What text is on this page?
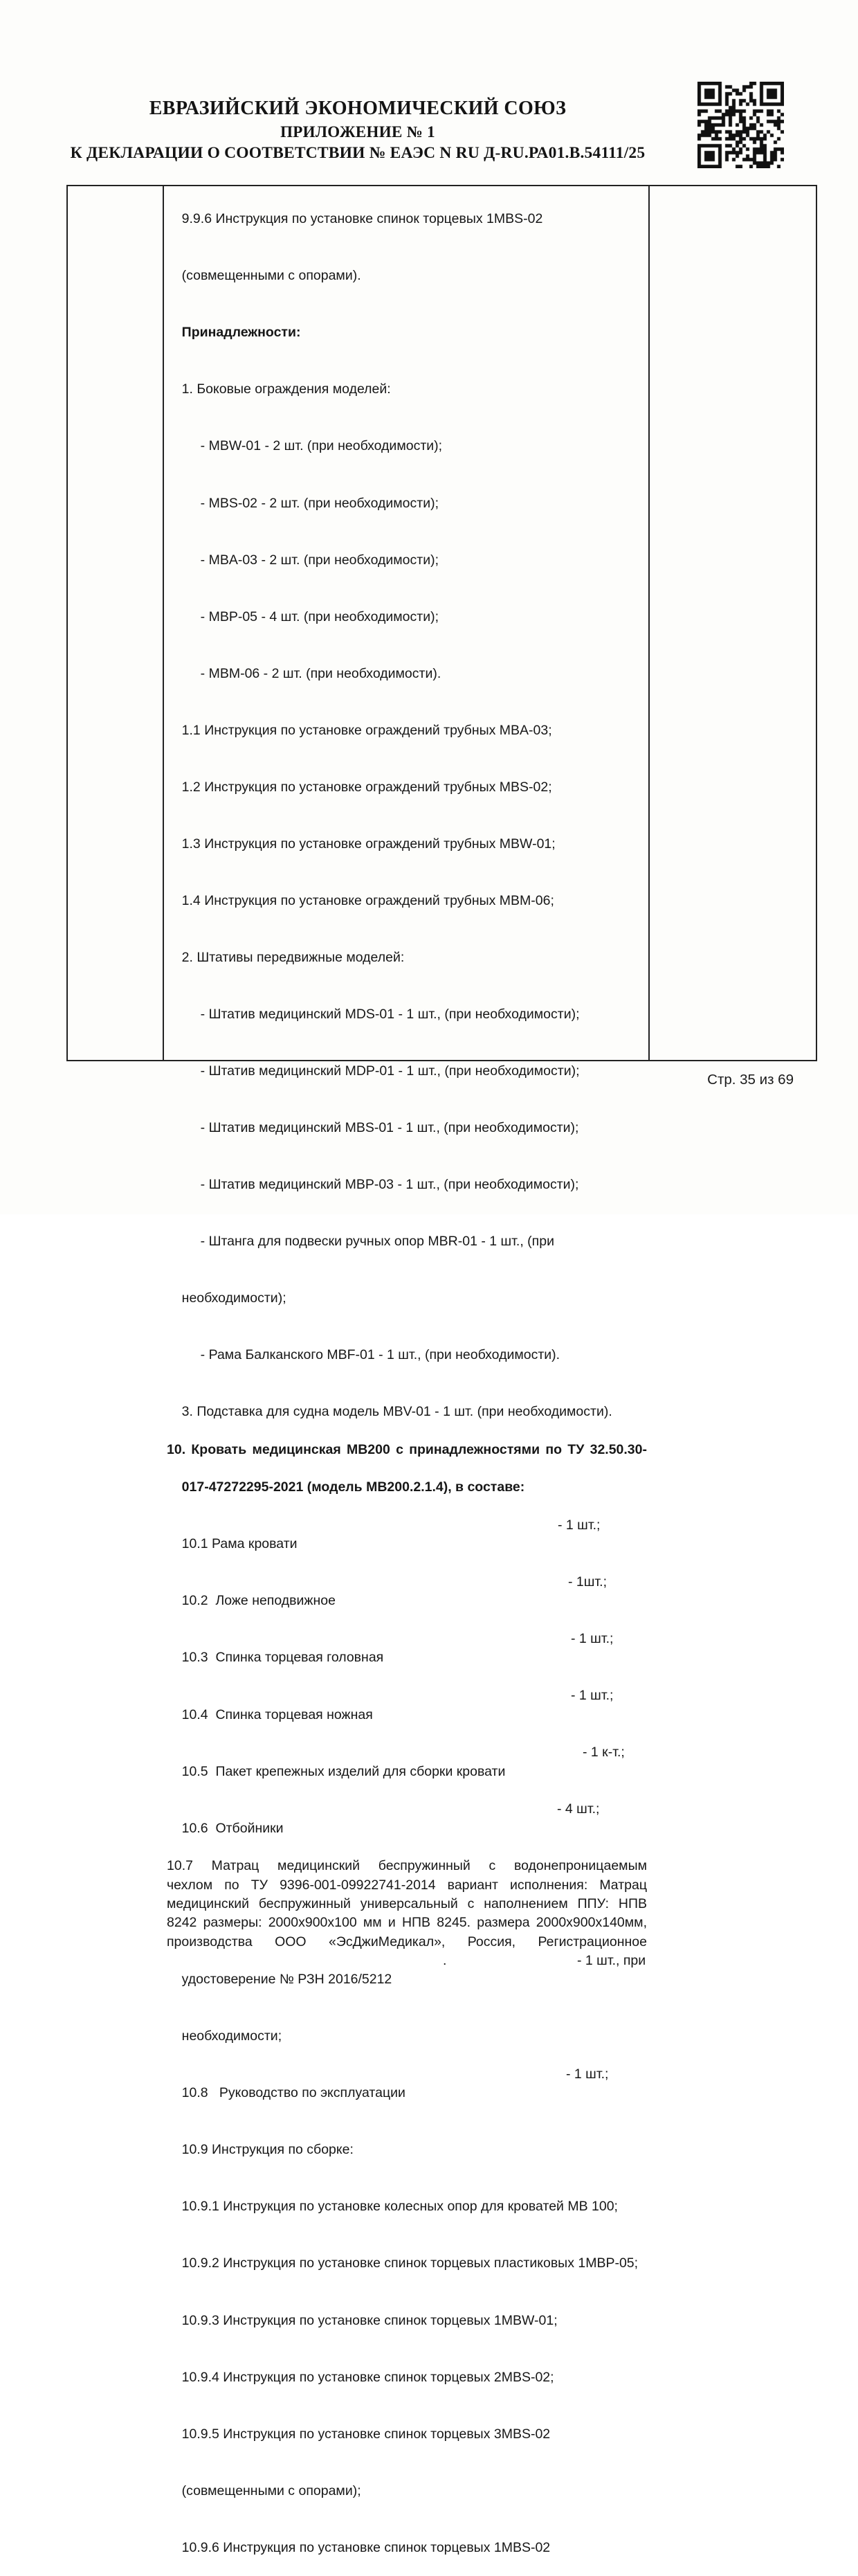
ЕВРАЗИЙСКИЙ ЭКОНОМИЧЕСКИЙ СОЮЗ
ПРИЛОЖЕНИЕ № 1
К ДЕКЛАРАЦИИ О СООТВЕТСТВИИ № ЕАЭС N RU Д-RU.РА01.В.54111/25

9.9.6 Инструкция по установке спинок торцевых 1MBS-02

(совмещенными с опорами).

Принадлежности:

1. Боковые ограждения моделей:

- MBW-01 - 2 шт. (при необходимости);

- MBS-02 - 2 шт. (при необходимости);

- MBA-03 - 2 шт. (при необходимости);

- MBP-05 - 4 шт. (при необходимости);

- MBM-06 - 2 шт. (при необходимости).

1.1 Инструкция по установке ограждений трубных MBA-03;

1.2 Инструкция по установке ограждений трубных MBS-02;

1.3 Инструкция по установке ограждений трубных MBW-01;

1.4 Инструкция по установке ограждений трубных MBM-06;

2. Штативы передвижные моделей:

- Штатив медицинский MDS-01 - 1 шт., (при необходимости);

- Штатив медицинский MDP-01 - 1 шт., (при необходимости);

- Штатив медицинский MBS-01 - 1 шт., (при необходимости);

- Штатив медицинский MBP-03 - 1 шт., (при необходимости);

- Штанга для подвески ручных опор MBR-01 - 1 шт., (при

необходимости);

- Рама Балканского MBF-01 - 1 шт., (при необходимости).

3. Подставка для судна модель MBV-01 - 1 шт. (при необходимости).

10. Кровать медицинская МВ200 с принадлежностями по ТУ 32.50.30-

017-47272295-2021 (модель МВ200.2.1.4), в составе:

10.1 Рама кровати

- 1 шт.;

10.2  Ложе неподвижное

- 1шт.;

10.3  Спинка торцевая головная

- 1 шт.;

10.4  Спинка торцевая ножная

- 1 шт.;

10.5  Пакет крепежных изделий для сборки кровати

- 1 к-т.;

10.6  Отбойники

- 4 шт.;
10.7 Матрац медицинский беспружинный с водонепроницаемым
чехлом по ТУ 9396-001-09922741-2014 вариант исполнения: Матрац
медицинский беспружинный универсальный с наполнением ППУ: НПВ
8242 размеры: 2000х900х100 мм и НПВ 8245. размера 2000х900х140мм,
производства ООО «ЭсДжиМедикал», Россия, Регистрационное

удостоверение № РЗН 2016/5212

- 1 шт., при
.

необходимости;

10.8   Руководство по эксплуатации

- 1 шт.;

10.9 Инструкция по сборке:

10.9.1 Инструкция по установке колесных опор для кроватей МВ 100;

10.9.2 Инструкция по установке спинок торцевых пластиковых 1MBP-05;

10.9.3 Инструкция по установке спинок торцевых 1MBW-01;

10.9.4 Инструкция по установке спинок торцевых 2MBS-02;

10.9.5 Инструкция по установке спинок торцевых 3MBS-02

(совмещенными с опорами);

10.9.6 Инструкция по установке спинок торцевых 1MBS-02

Стр. 35 из 69
